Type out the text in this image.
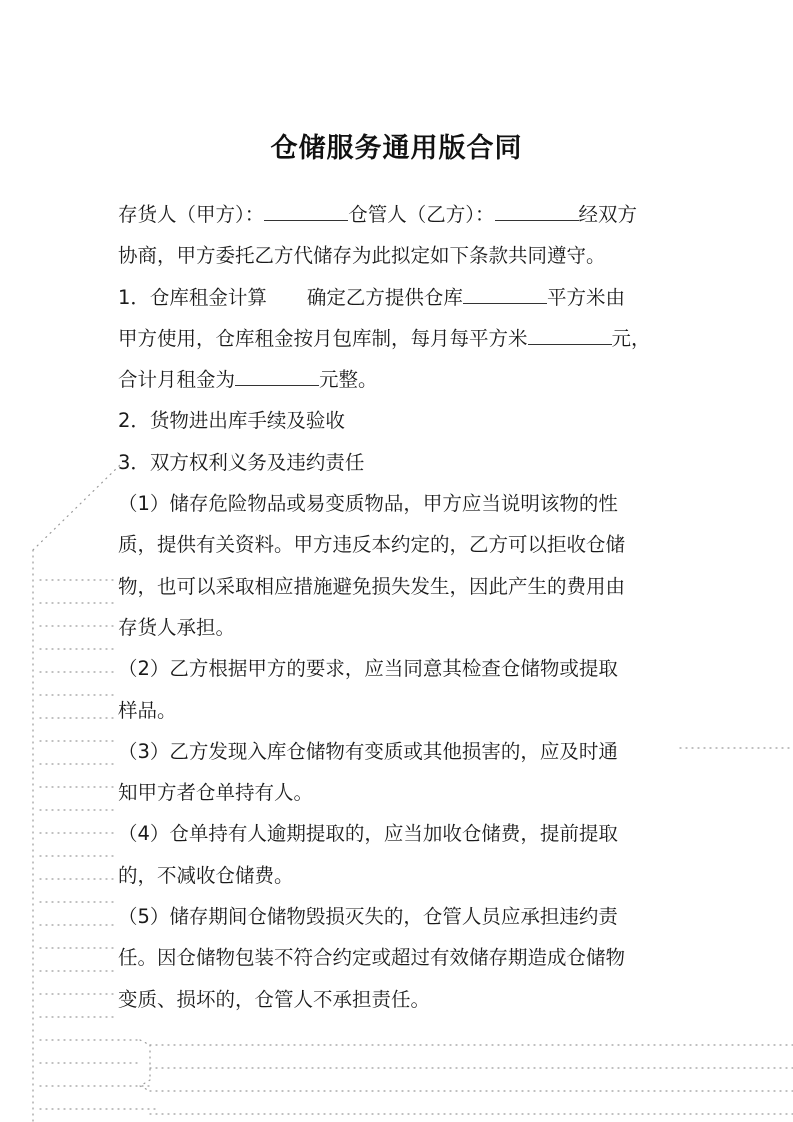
仓储服务通用版合同
存货人（甲方）：	仓管人（乙方）：	经双方
协商，甲方委托乙方代储存为此拟定如下条款共同遵守。
1．仓库租金计算 确定乙方提供仓库	平方米由
甲方使用，仓库租金按月包库制，每月每平方米	元，
合计月租金为	元整。
2．货物进出库手续及验收
3．双方权利义务及违约责任
（1）储存危险物品或易变质物品，甲方应当说明该物的性
质，提供有关资料。甲方违反本约定的，乙方可以拒收仓储
物，也可以采取相应措施避免损失发生，因此产生的费用由
存货人承担。
（2）乙方根据甲方的要求，应当同意其检查仓储物或提取
样品。
（3）乙方发现入库仓储物有变质或其他损害的，应及时通
知甲方者仓单持有人。
（4）仓单持有人逾期提取的，应当加收仓储费，提前提取
的，不减收仓储费。
（5）储存期间仓储物毁损灭失的，仓管人员应承担违约责
任。因仓储物包装不符合约定或超过有效储存期造成仓储物
变质、损坏的，仓管人不承担责任。
